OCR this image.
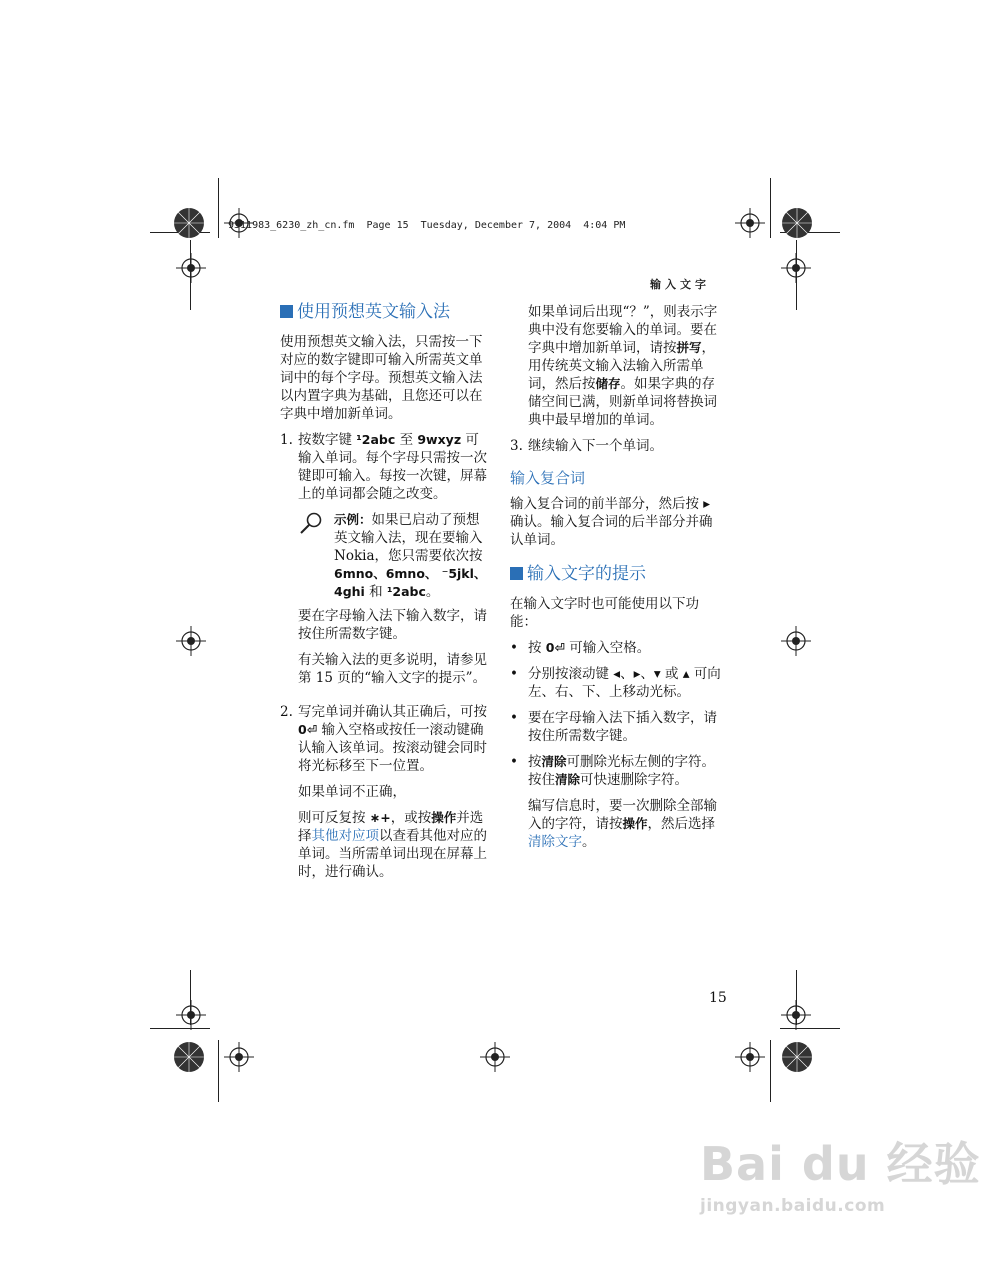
9311983_6230_zh_cn.fm  Page 15  Tuesday, December 7, 2004  4:04 PM
输入文字
使用预想英文输入法

使用预想英文输入法，只需按一下对应的数字键即可输入所需英文单词中的每个字母。预想英文输入法以内置字典为基础，且您还可以在字典中增加新单词。

1. 按数字键 ¹2abc 至 9wxyz 可输入单词。每个字母只需按一次键即可输入。每按一次键，屏幕上的单词都会随之改变。

示例：如果已启动了预想英文输入法，现在要输入 Nokia，您只需要依次按 6mno、6mno、 ⁻5jkl、4ghi 和 ¹2abc。

要在字母输入法下输入数字，请按住所需数字键。

有关输入法的更多说明，请参见第 15 页的“输入文字的提示”。

2. 写完单词并确认其正确后，可按 0⏎ 输入空格或按任一滚动键确认输入该单词。按滚动键会同时将光标移至下一位置。

如果单词不正确，

则可反复按 ∗+，或按操作并选择其他对应项以查看其他对应的单词。当所需单词出现在屏幕上时，进行确认。

如果单词后出现“？”，则表示字典中没有您要输入的单词。要在字典中增加新单词，请按拼写，用传统英文输入法输入所需单词，然后按储存。如果字典的存储空间已满，则新单词将替换词典中最早增加的单词。
3. 继续输入下一个单词。
输入复合词

输入复合词的前半部分，然后按 ▸ 确认。输入复合词的后半部分并确认单词。

输入文字的提示

在输入文字时也可能使用以下功能：

• 按 0⏎ 可输入空格。
• 分别按滚动键 ◂、▸、▾ 或 ▴ 可向左、右、下、上移动光标。
• 要在字母输入法下插入数字，请按住所需数字键。
• 按清除可删除光标左侧的字符。按住清除可快速删除字符。

编写信息时，要一次删除全部输入的字符，请按操作，然后选择清除文字。

15
Bai du 经验
jingyan.baidu.com
